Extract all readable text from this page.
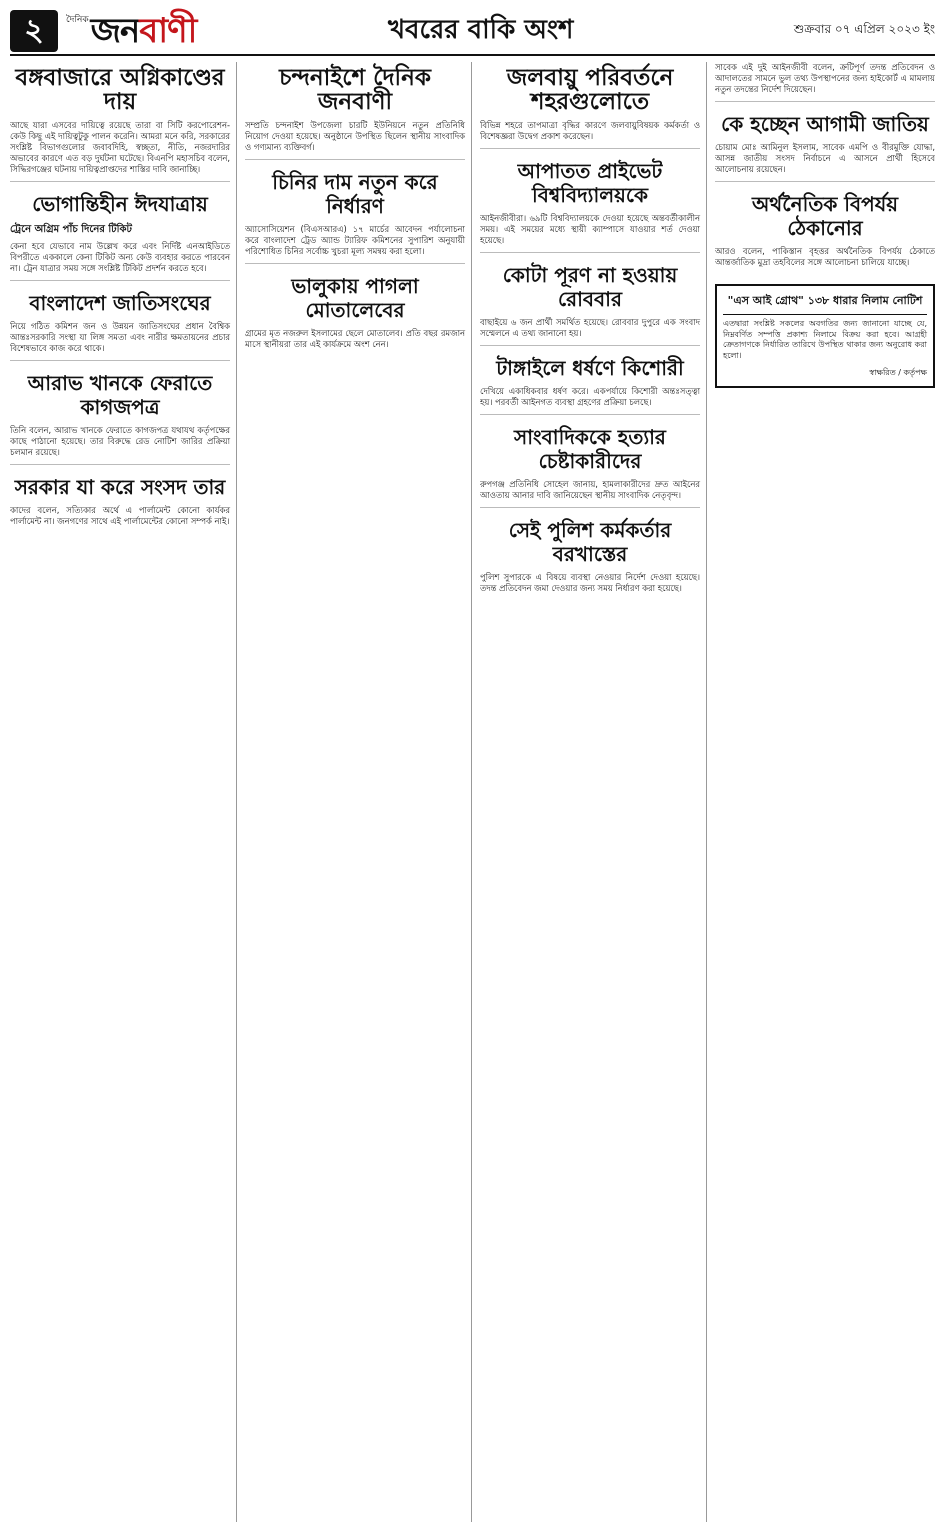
২	দৈনিক জনবাণী	খবরের বাকি অংশ	শুক্রবার ০৭ এপ্রিল ২০২৩ ইং
বঙ্গবাজারে অগ্নিকাণ্ডের দায়
আছে যারা এসবের দায়িত্বে রয়েছে তারা বা সিটি করপোরেশন- কেউ কিছু এই দায়িত্বটুকু পালন করেনি। আমরা মনে করি, সরকারের সংশ্লিষ্ট বিভাগগুলোর জবাবদিহি, স্বচ্ছতা, নীতি, নজরদারির অভাবের কারণে এত বড় দুর্ঘটনা ঘটেছে। বিএনপি মহাসচিব বলেন, সিদ্ধিরগঞ্জের ঘটনায় দায়িত্বপ্রাপ্তদের শাস্তির দাবি জানাচ্ছি।
ভোগান্তিহীন ঈদযাত্রায়
ট্রেনে অগ্রিম পাঁচ দিনের টিকিট
কেনা হবে যেভাবে নাম উল্লেখ করে এবং নির্দিষ্ট এনআইডিতে বিপরীতে এককালে কেনা টিকিট অন্য কেউ ব্যবহার করতে পারবেন না। ট্রেন যাত্রার সময় সঙ্গে সংশ্লিষ্ট টিকিট প্রদর্শন করতে হবে।
বাংলাদেশ জাতিসংঘের
নিয়ে গঠিত কমিশন জন ও উন্নয়ন জাতিসংঘের প্রধান বৈশ্বিক আন্তঃসরকারি সংস্থা যা লিঙ্গ সমতা এবং নারীর ক্ষমতায়নের প্রচার বিশেষভাবে কাজ করে থাকে।
আরাভ খানকে ফেরাতে কাগজপত্র
তিনি বলেন, আরাভ খানকে ফেরাতে কাগজপত্র যথাযথ কর্তৃপক্ষের কাছে পাঠানো হয়েছে। তার বিরুদ্ধে রেড নোটিশ জারির প্রক্রিয়া চলমান রয়েছে।
সরকার যা করে সংসদ তার
কাদের বলেন, সত্যিকার অর্থে এ পার্লামেন্ট কোনো কার্যকর পার্লামেন্ট না। জনগণের সাথে এই পার্লামেন্টের কোনো সম্পর্ক নাই।
চন্দনাইশে দৈনিক জনবাণী
সম্প্রতি চন্দনাইশ উপজেলা চারটি ইউনিয়নে নতুন প্রতিনিধি নিয়োগ দেওয়া হয়েছে। অনুষ্ঠানে উপস্থিত ছিলেন স্থানীয় সাংবাদিক ও গণ্যমান্য ব্যক্তিবর্গ।
চিনির দাম নতুন করে নির্ধারণ
অ্যাসোসিয়েশন (বিএসআরএ) ১৭ মার্চের আবেদন পর্যালোচনা করে বাংলাদেশ ট্রেড অ্যান্ড ট্যারিফ কমিশনের সুপারিশ অনুযায়ী পরিশোধিত চিনির সর্বোচ্চ খুচরা মূল্য সমন্বয় করা হলো।
ভালুকায় পাগলা মোতালেবের
গ্রামের মৃত নজরুল ইসলামের ছেলে মোতালেব। প্রতি বছর রমজান মাসে স্থানীয়রা তার এই কার্যক্রমে অংশ নেন।
জলবায়ু পরিবর্তনে শহরগুলোতে
বিভিন্ন শহরে তাপমাত্রা বৃদ্ধির কারণে জলবায়ুবিষয়ক কর্মকর্তা ও বিশেষজ্ঞরা উদ্বেগ প্রকাশ করেছেন।
আপাতত প্রাইভেট বিশ্ববিদ্যালয়কে
আইনজীবীরা। ৬৯টি বিশ্ববিদ্যালয়কে দেওয়া হয়েছে অন্তবর্তীকালীন সময়। এই সময়ের মধ্যে স্থায়ী ক্যাম্পাসে যাওয়ার শর্ত দেওয়া হয়েছে।
কোটা পূরণ না হওয়ায় রোববার
বাছাইয়ে ৬ জন প্রার্থী সমর্থিত হয়েছে। রোববার দুপুরে এক সংবাদ সম্মেলনে এ তথ্য জানানো হয়।
টাঙ্গাইলে ধর্ষণে কিশোরী
দেখিয়ে একাধিকবার ধর্ষণ করে। একপর্যায়ে কিশোরী অন্তঃসত্ত্বা হয়। পরবর্তী আইনগত ব্যবস্থা গ্রহণের প্রক্রিয়া চলছে।
সাংবাদিককে হত্যার চেষ্টাকারীদের
রুপগঞ্জ প্রতিনিধি সোহেল জানায়, হামলাকারীদের দ্রুত আইনের আওতায় আনার দাবি জানিয়েছেন স্থানীয় সাংবাদিক নেতৃবৃন্দ।
সেই পুলিশ কর্মকর্তার বরখাস্তের
পুলিশ সুপারকে এ বিষয়ে ব্যবস্থা নেওয়ার নির্দেশ দেওয়া হয়েছে। তদন্ত প্রতিবেদন জমা দেওয়ার জন্য সময় নির্ধারণ করা হয়েছে।
সাবেক এই দুই আইনজীবী বলেন, ক্রটিপূর্ণ তদন্ত প্রতিবেদন ও আদালতের সামনে ভুল তথ্য উপস্থাপনের জন্য হাইকোর্ট এ মামলায় নতুন তদন্তের নির্দেশ দিয়েছেন।
কে হচ্ছেন আগামী জাতিয়
চোয়াম মোঃ আমিনুল ইসলাম, সাবেক এমপি ও বীরমুক্তি যোদ্ধা, আসন্ন জাতীয় সংসদ নির্বাচনে এ আসনে প্রার্থী হিসেবে আলোচনায় রয়েছেন।
অর্থনৈতিক বিপর্যয় ঠেকানোর
আরও বলেন, পাকিস্তান বৃহত্তর অর্থনৈতিক বিপর্যয় ঠেকাতে আন্তর্জাতিক মুদ্রা তহবিলের সঙ্গে আলোচনা চালিয়ে যাচ্ছে।
"এস আই গ্রোথ" ১৩৮ ধারার নিলাম নোটিশ
এতদ্বারা সংশ্লিষ্ট সকলের অবগতির জন্য জানানো যাচ্ছে যে, নিম্নবর্ণিত সম্পত্তি প্রকাশ্য নিলামে বিক্রয় করা হবে। আগ্রহী ক্রেতাগণকে নির্ধারিত তারিখে উপস্থিত থাকার জন্য অনুরোধ করা হলো।
স্বাক্ষরিত / কর্তৃপক্ষ
